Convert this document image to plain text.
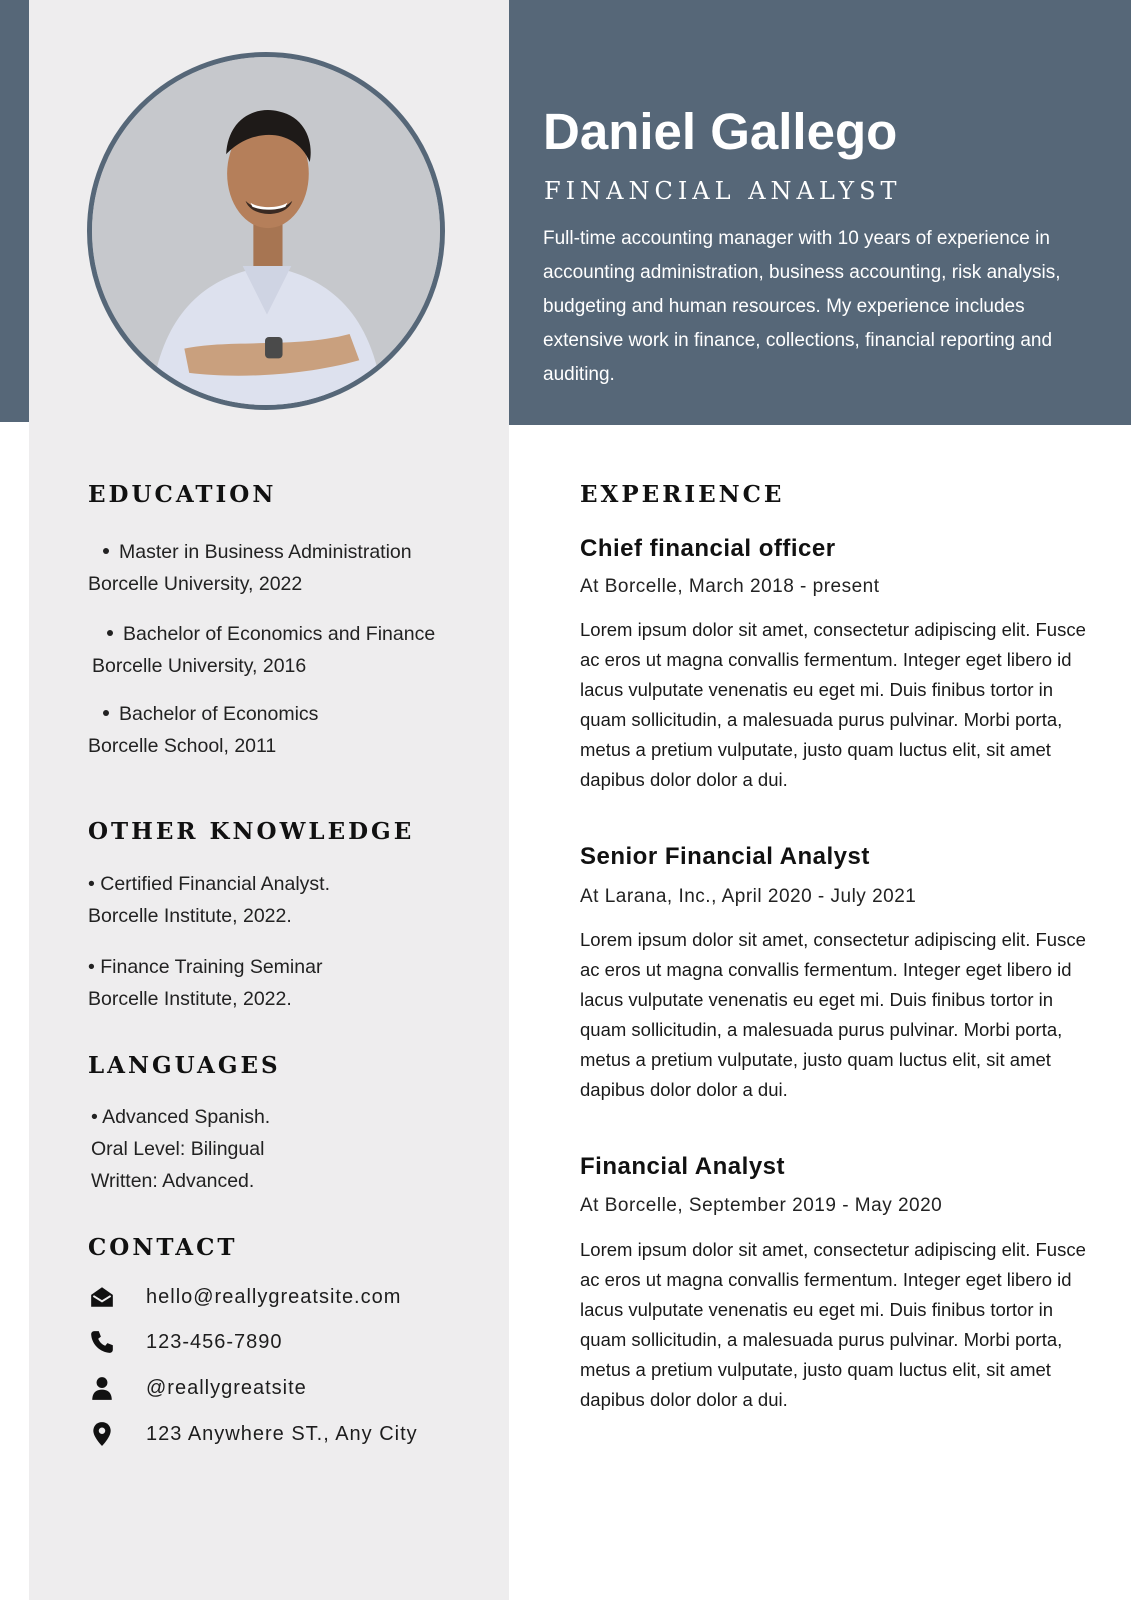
Daniel Gallego
FINANCIAL ANALYST

Full-time accounting manager with 10 years of experience in accounting administration, business accounting, risk analysis, budgeting and human resources. My experience includes extensive work in finance, collections, financial reporting and auditing.

EDUCATION

Master in Business Administration

Borcelle University, 2022

Bachelor of Economics and Finance

Borcelle University, 2016

Bachelor of Economics

Borcelle School, 2011

OTHER KNOWLEDGE

• Certified Financial Analyst.

Borcelle Institute, 2022.

• Finance Training Seminar

Borcelle Institute, 2022.

LANGUAGES

• Advanced Spanish.

Oral Level: Bilingual

Written: Advanced.

CONTACT
hello@reallygreatsite.com
123-456-7890
@reallygreatsite
123 Anywhere ST., Any City
EXPERIENCE
Chief financial officer
At Borcelle, March 2018 - present

Lorem ipsum dolor sit amet, consectetur adipiscing elit. Fusce ac eros ut magna convallis fermentum. Integer eget libero id lacus vulputate venenatis eu eget mi. Duis finibus tortor in quam sollicitudin, a malesuada purus pulvinar. Morbi porta, metus a pretium vulputate, justo quam luctus elit, sit amet dapibus dolor dolor a dui.

Senior Financial Analyst
At Larana, Inc., April 2020 - July 2021

Lorem ipsum dolor sit amet, consectetur adipiscing elit. Fusce ac eros ut magna convallis fermentum. Integer eget libero id lacus vulputate venenatis eu eget mi. Duis finibus tortor in quam sollicitudin, a malesuada purus pulvinar. Morbi porta, metus a pretium vulputate, justo quam luctus elit, sit amet dapibus dolor dolor a dui.

Financial Analyst
At Borcelle, September 2019 - May 2020

Lorem ipsum dolor sit amet, consectetur adipiscing elit. Fusce ac eros ut magna convallis fermentum. Integer eget libero id lacus vulputate venenatis eu eget mi. Duis finibus tortor in quam sollicitudin, a malesuada purus pulvinar. Morbi porta, metus a pretium vulputate, justo quam luctus elit, sit amet dapibus dolor dolor a dui.
